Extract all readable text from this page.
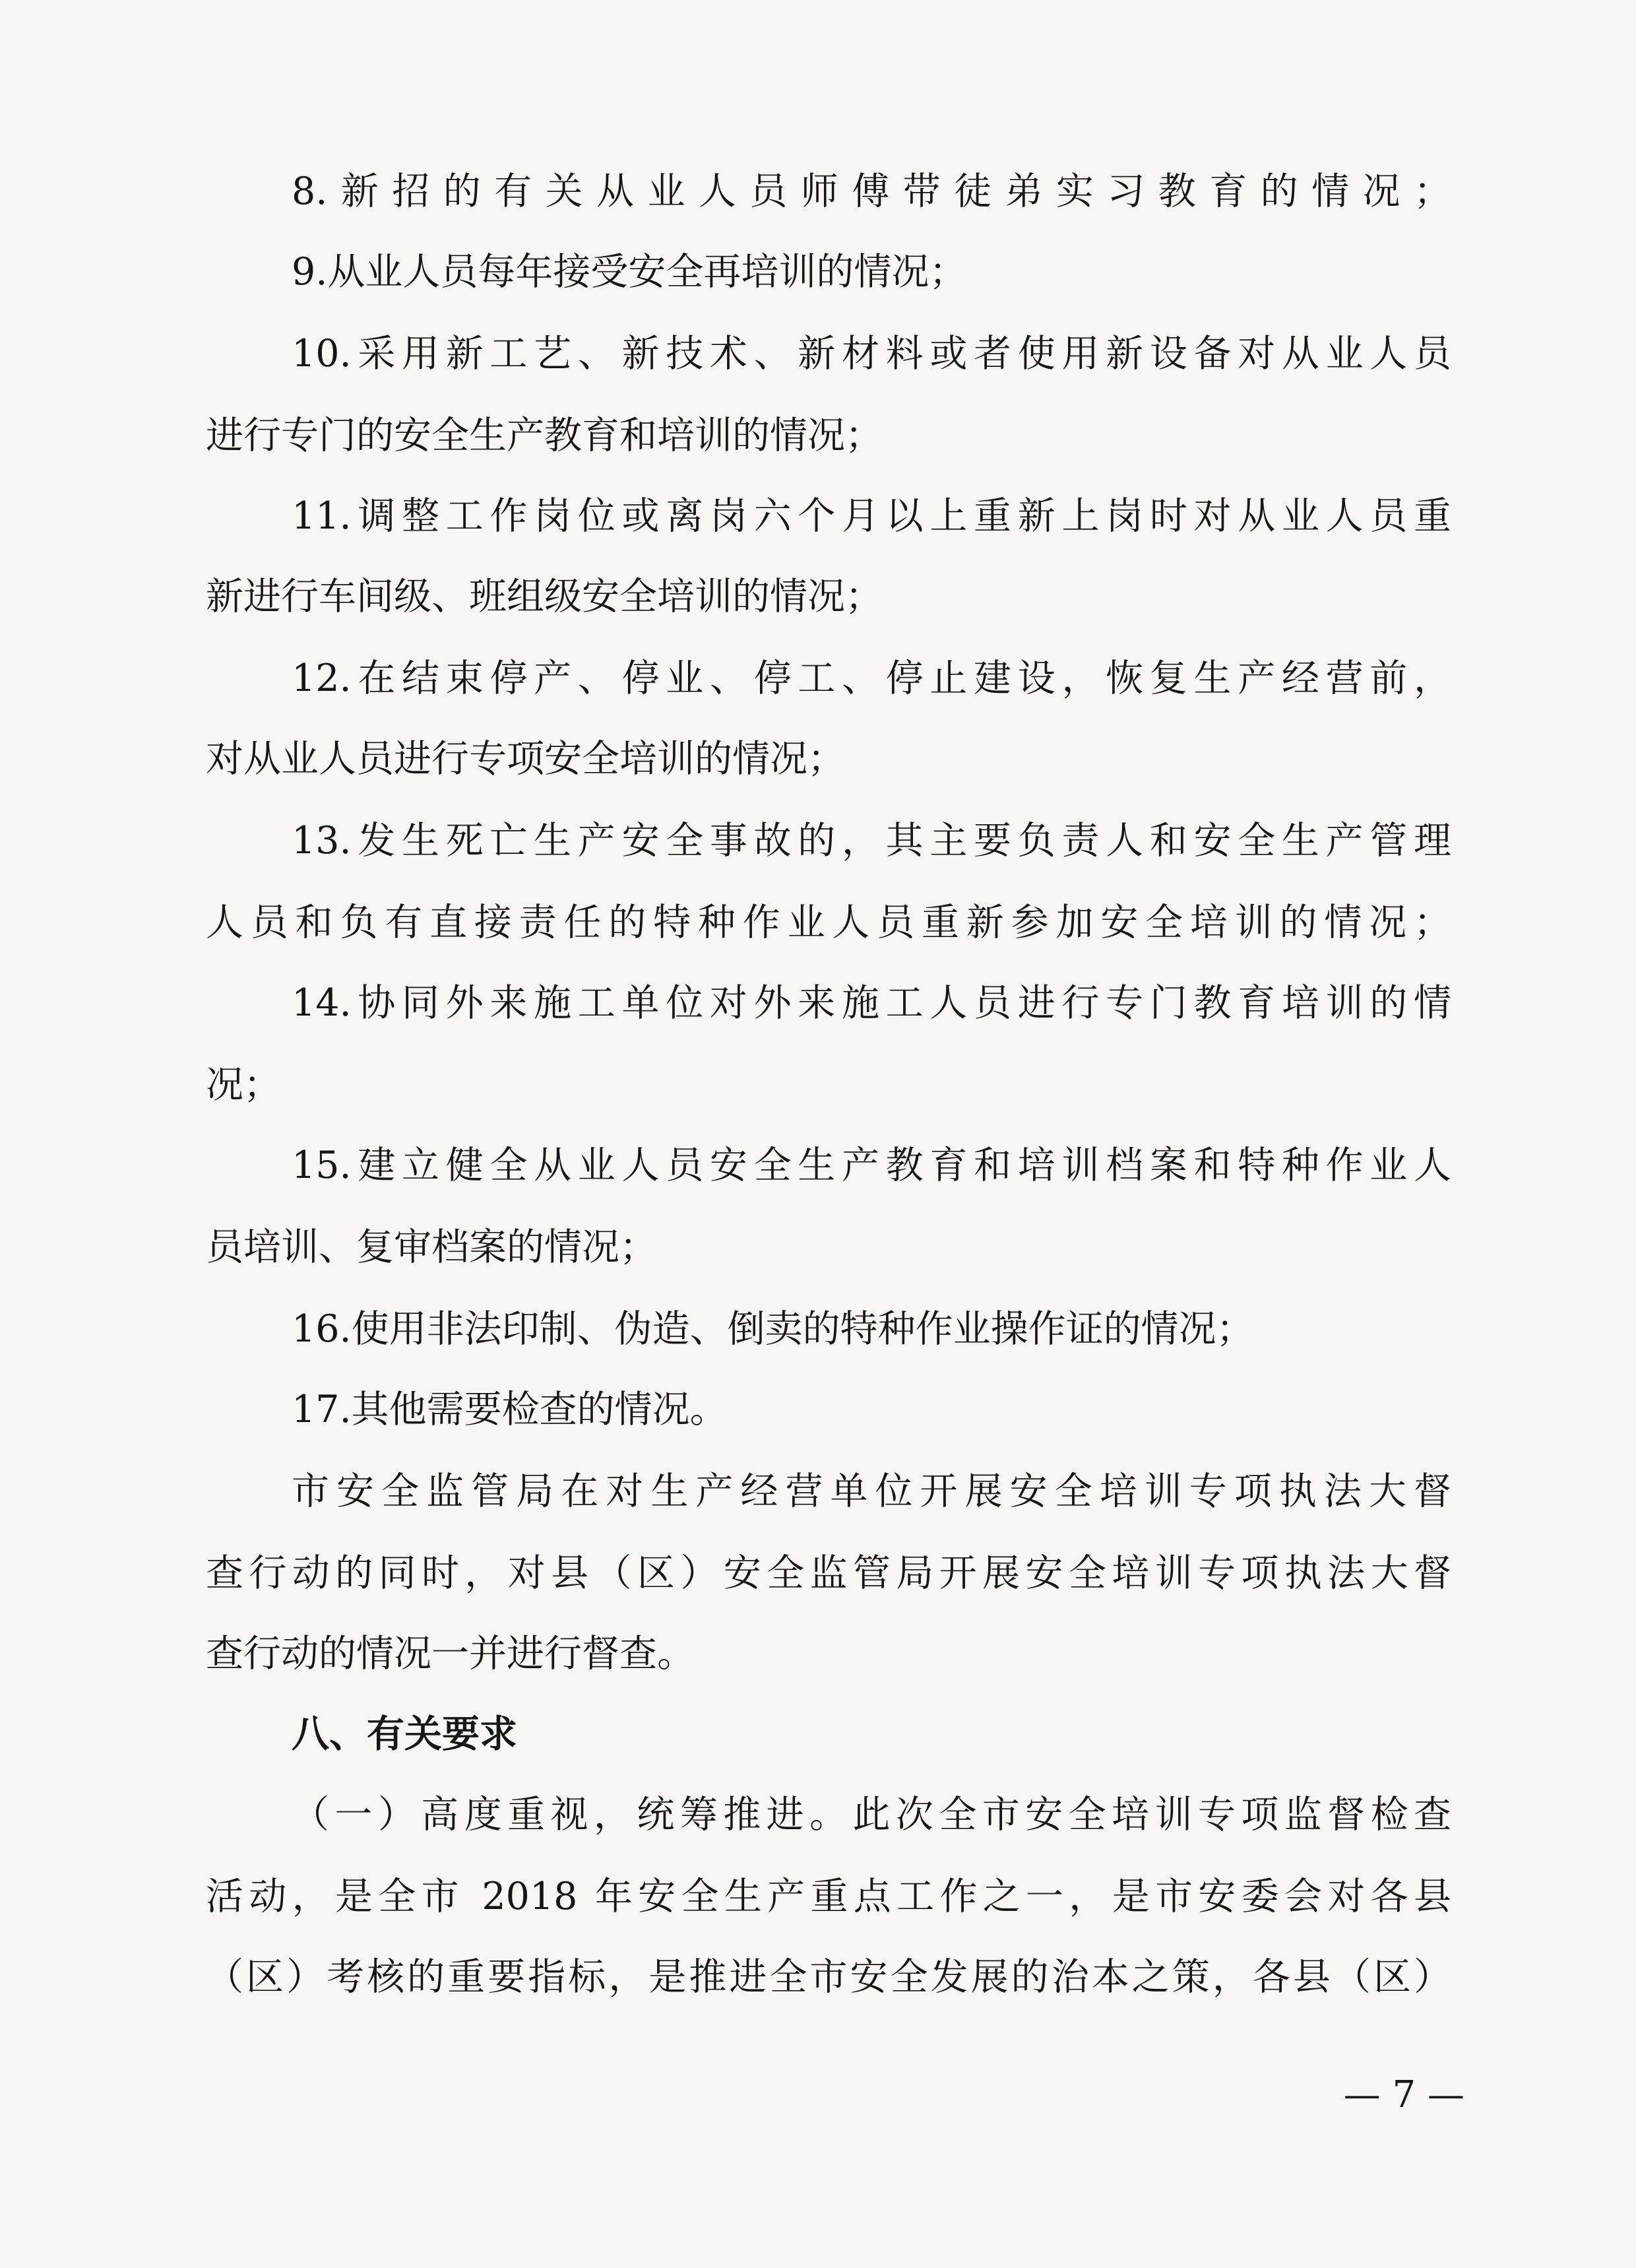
8.新招的有关从业人员师傅带徒弟实习教育的情况；
9.从业人员每年接受安全再培训的情况；
10.采用新工艺、新技术、新材料或者使用新设备对从业人员
进行专门的安全生产教育和培训的情况；
11.调整工作岗位或离岗六个月以上重新上岗时对从业人员重
新进行车间级、班组级安全培训的情况；
12.在结束停产、停业、停工、停止建设，恢复生产经营前，
对从业人员进行专项安全培训的情况；
13.发生死亡生产安全事故的，其主要负责人和安全生产管理
人员和负有直接责任的特种作业人员重新参加安全培训的情况；
14.协同外来施工单位对外来施工人员进行专门教育培训的情
况；
15.建立健全从业人员安全生产教育和培训档案和特种作业人
员培训、复审档案的情况；
16.使用非法印制、伪造、倒卖的特种作业操作证的情况；
17.其他需要检查的情况。
市安全监管局在对生产经营单位开展安全培训专项执法大督
查行动的同时，对县（区）安全监管局开展安全培训专项执法大督
查行动的情况一并进行督查。
八、有关要求
（一）高度重视，统筹推进。此次全市安全培训专项监督检查
活动，是全市 2018 年安全生产重点工作之一，是市安委会对各县
（区）考核的重要指标，是推进全市安全发展的治本之策，各县（区）
— 7 —
